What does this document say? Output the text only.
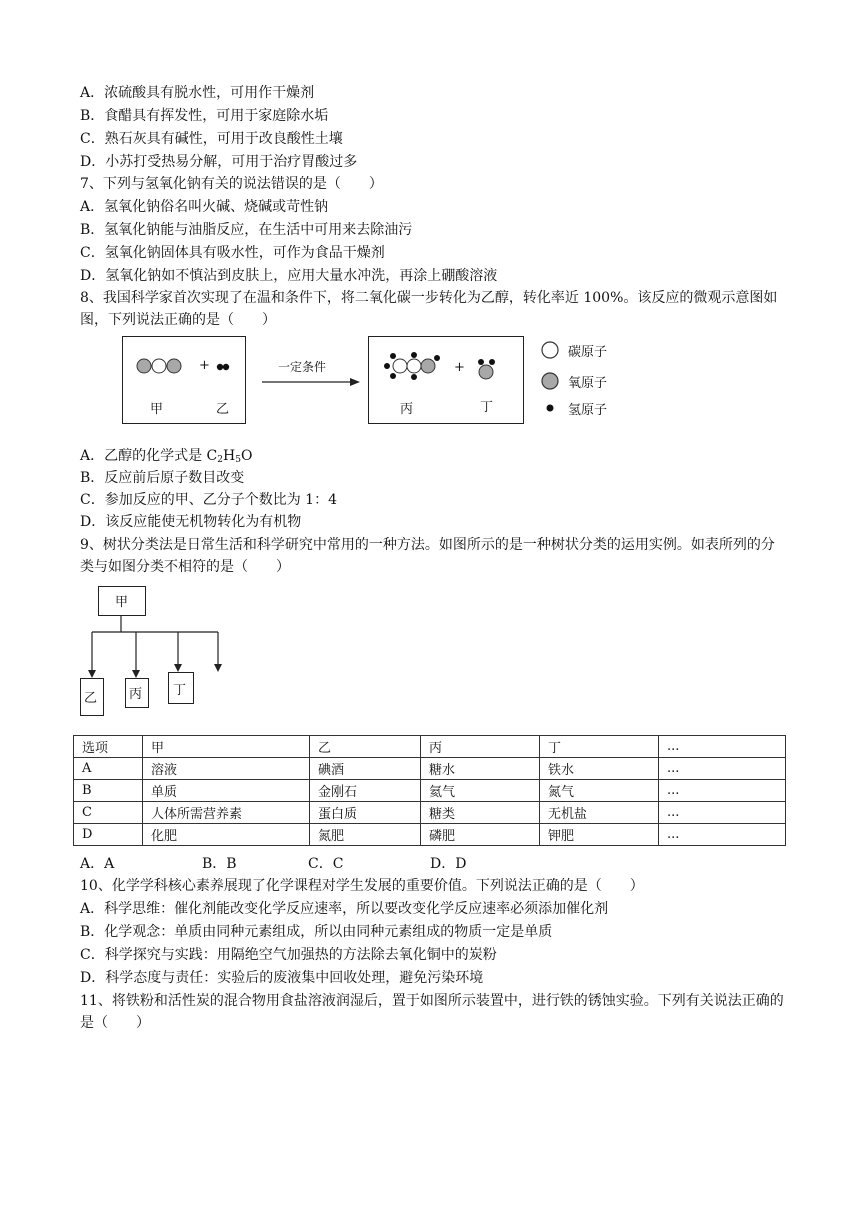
A．浓硫酸具有脱水性，可用作干燥剂
B．食醋具有挥发性，可用于家庭除水垢
C．熟石灰具有碱性，可用于改良酸性土壤
D．小苏打受热易分解，可用于治疗胃酸过多
7、下列与氢氧化钠有关的说法错误的是（　　）
A．氢氧化钠俗名叫火碱、烧碱或苛性钠
B．氢氧化钠能与油脂反应，在生活中可用来去除油污
C．氢氧化钠固体具有吸水性，可作为食品干燥剂
D．氢氧化钠如不慎沾到皮肤上，应用大量水冲洗，再涂上硼酸溶液
8、我国科学家首次实现了在温和条件下，将二氧化碳一步转化为乙醇，转化率近 100%。该反应的微观示意图如图，下列说法正确的是（　　）
+	+
甲	乙	丙	丁
一定条件
碳原子
氧原子
氢原子
A．乙醇的化学式是 $C_2H_5O$
B．反应前后原子数目改变
C．参加反应的甲、乙分子个数比为 1：4
D．该反应能使无机物转化为有机物
9、树状分类法是日常生活和科学研究中常用的一种方法。如图所示的是一种树状分类的运用实例。如表所列的分类与如图分类不相符的是（　　）
甲
乙 丙 丁
选项	甲	乙	丙	丁	...
A	溶液	碘酒	糖水	铁水	...
B	单质	金刚石	氦气	氮气	...
C	人体所需营养素	蛋白质	糖类	无机盐	...
D	化肥	氮肥	磷肥	钾肥	...
A．A	B．B	C．C	D．D
10、化学学科核心素养展现了化学课程对学生发展的重要价值。下列说法正确的是（　　）
A．科学思维：催化剂能改变化学反应速率，所以要改变化学反应速率必须添加催化剂
B．化学观念：单质由同种元素组成，所以由同种元素组成的物质一定是单质
C．科学探究与实践：用隔绝空气加强热的方法除去氧化铜中的炭粉
D．科学态度与责任：实验后的废液集中回收处理，避免污染环境
11、将铁粉和活性炭的混合物用食盐溶液润湿后，置于如图所示装置中，进行铁的锈蚀实验。下列有关说法正确的是（　　）
